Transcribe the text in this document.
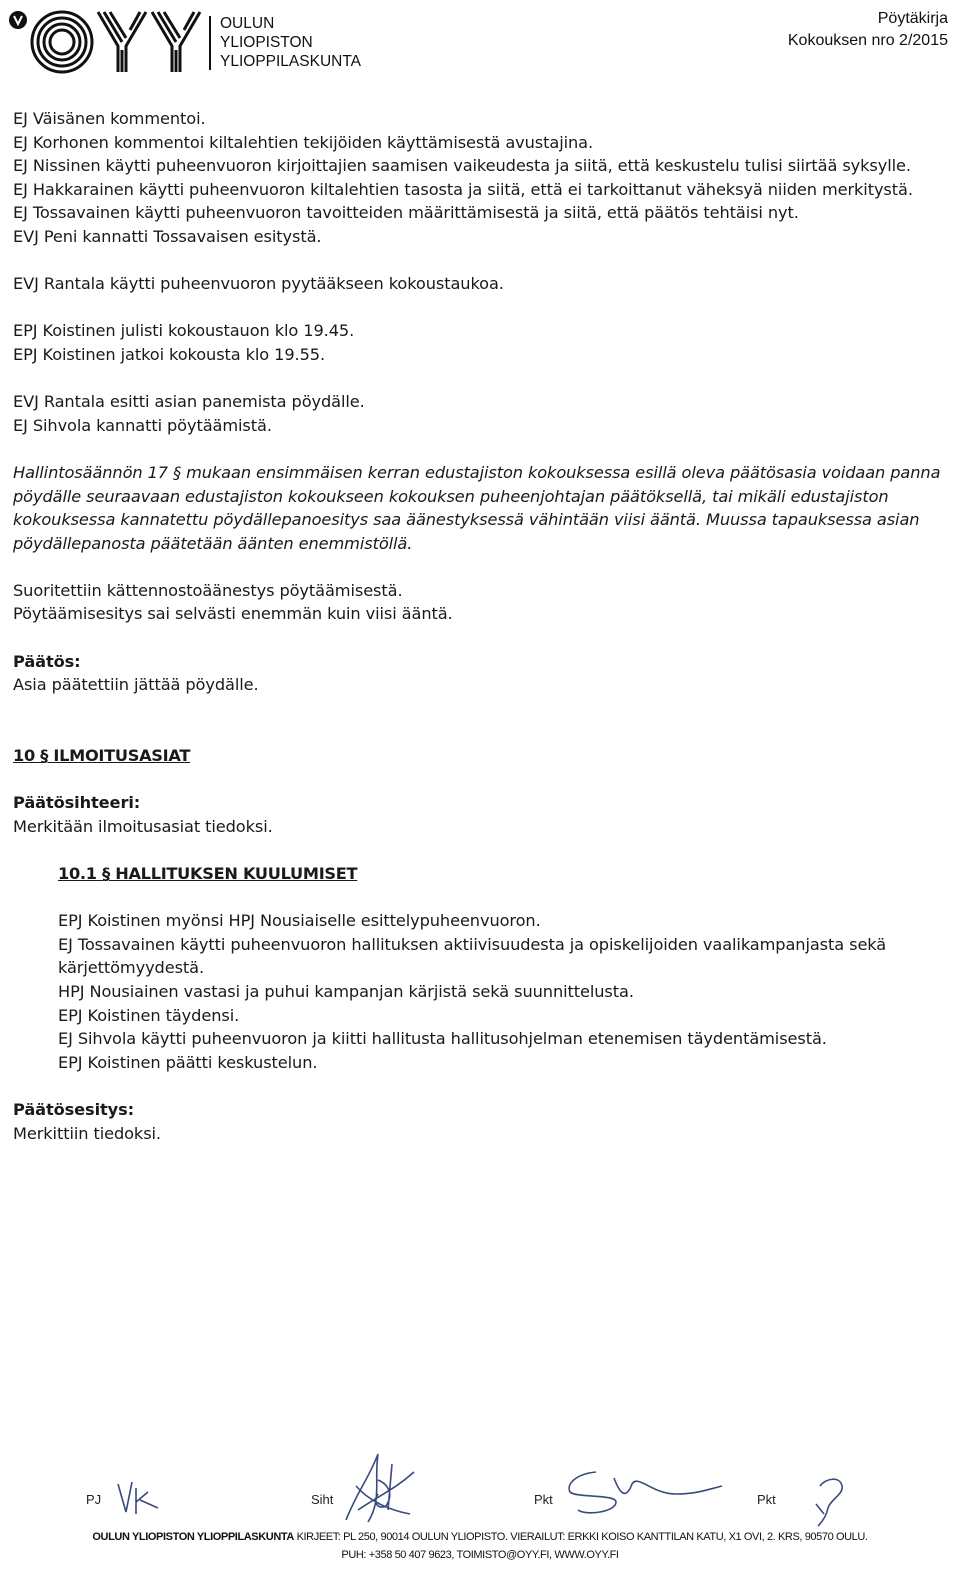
OULUN
YLIOPISTON
YLIOPPILASKUNTA
Pöytäkirja
Kokouksen nro 2/2015

EJ Väisänen kommentoi.

EJ Korhonen kommentoi kiltalehtien tekijöiden käyttämisestä avustajina.

EJ Nissinen käytti puheenvuoron kirjoittajien saamisen vaikeudesta ja siitä, että keskustelu tulisi siirtää syksylle.

EJ Hakkarainen käytti puheenvuoron kiltalehtien tasosta ja siitä, että ei tarkoittanut väheksyä niiden merkitystä.

EJ Tossavainen käytti puheenvuoron tavoitteiden määrittämisestä ja siitä, että päätös tehtäisi nyt.

EVJ Peni kannatti Tossavaisen esitystä.

EVJ Rantala käytti puheenvuoron pyytääkseen kokoustaukoa.

EPJ Koistinen julisti kokoustauon klo 19.45.

EPJ Koistinen jatkoi kokousta klo 19.55.

EVJ Rantala esitti asian panemista pöydälle.

EJ Sihvola kannatti pöytäämistä.

Hallintosäännön 17 § mukaan ensimmäisen kerran edustajiston kokouksessa esillä oleva päätösasia voidaan panna pöydälle seuraavaan edustajiston kokoukseen kokouksen puheenjohtajan päätöksellä, tai mikäli edustajiston kokouksessa kannatettu pöydällepanoesitys saa äänestyksessä vähintään viisi ääntä. Muussa tapauksessa asian pöydällepanosta päätetään äänten enemmistöllä.

Suoritettiin kättennostoäänestys pöytäämisestä.

Pöytäämisesitys sai selvästi enemmän kuin viisi ääntä.

Päätös:

Asia päätettiin jättää pöydälle.

10 § ILMOITUSASIAT

Päätösihteeri:

Merkitään ilmoitusasiat tiedoksi.

10.1 § HALLITUKSEN KUULUMISET

EPJ Koistinen myönsi HPJ Nousiaiselle esittelypuheenvuoron.

EJ Tossavainen käytti puheenvuoron hallituksen aktiivisuudesta ja opiskelijoiden vaalikampanjasta sekä kärjettömyydestä.

HPJ Nousiainen vastasi ja puhui kampanjan kärjistä sekä suunnittelusta.

EPJ Koistinen täydensi.

EJ Sihvola käytti puheenvuoron ja kiitti hallitusta hallitusohjelman etenemisen täydentämisestä.

EPJ Koistinen päätti keskustelun.

Päätösesitys:

Merkittiin tiedoksi.

PJ	Siht	Pkt	Pkt
OULUN YLIOPISTON YLIOPPILASKUNTA KIRJEET: PL 250, 90014 OULUN YLIOPISTO. VIERAILUT: ERKKI KOISO KANTTILAN KATU, X1 OVI, 2. KRS, 90570 OULU.
PUH: +358 50 407 9623, TOIMISTO@OYY.FI, WWW.OYY.FI
